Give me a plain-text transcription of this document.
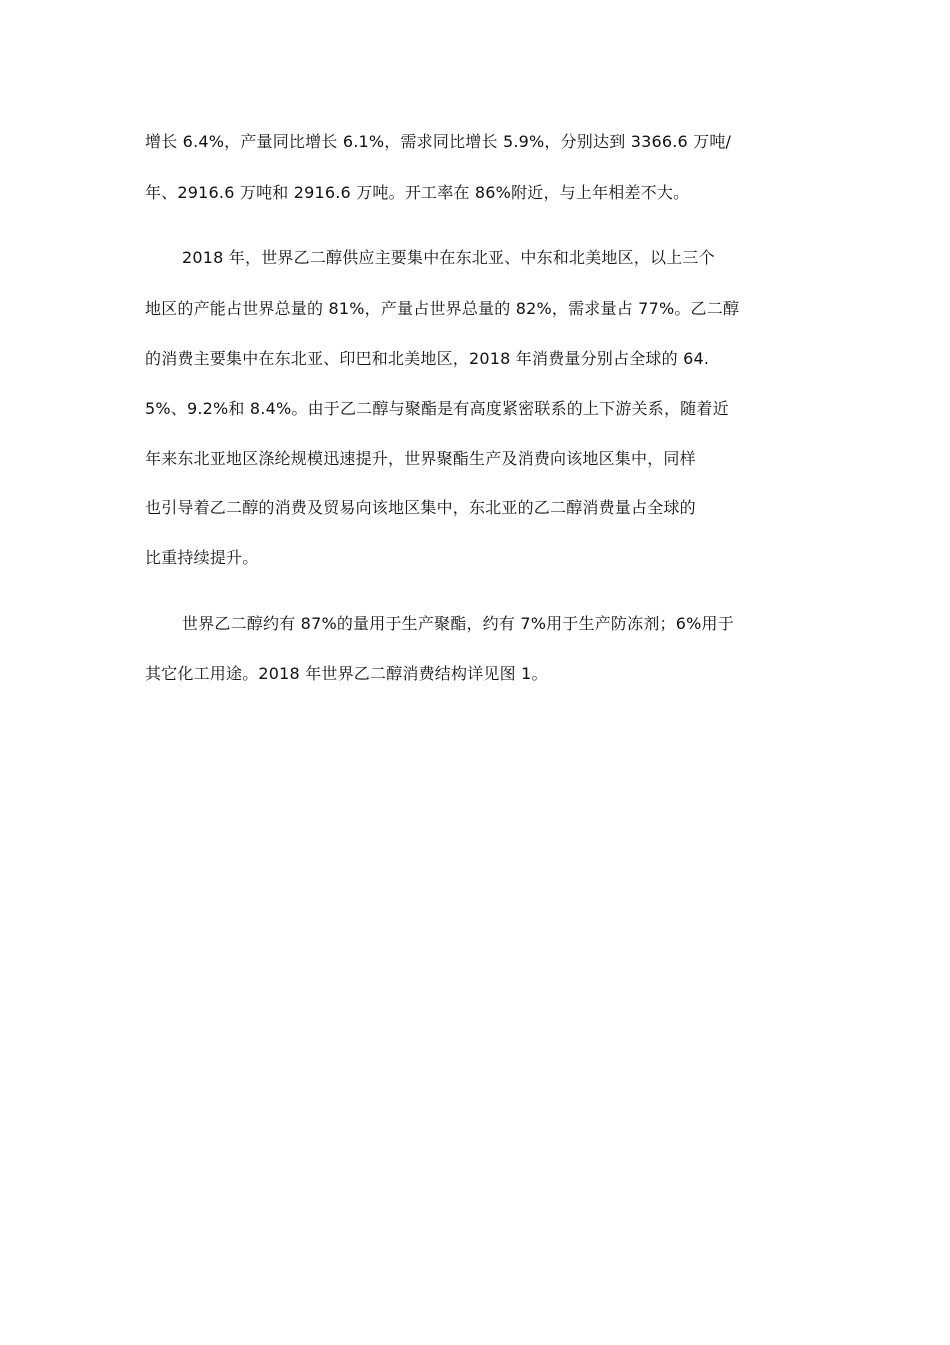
增长 6.4%，产量同比增长 6.1%，需求同比增长 5.9%，分别达到 3366.6 万吨/
年、2916.6 万吨和 2916.6 万吨。开工率在 86%附近，与上年相差不大。
2018 年，世界乙二醇供应主要集中在东北亚、中东和北美地区，以上三个
地区的产能占世界总量的 81%，产量占世界总量的 82%，需求量占 77%。乙二醇
的消费主要集中在东北亚、印巴和北美地区，2018 年消费量分别占全球的 64.
5%、9.2%和 8.4%。由于乙二醇与聚酯是有高度紧密联系的上下游关系，随着近
年来东北亚地区涤纶规模迅速提升，世界聚酯生产及消费向该地区集中，同样
也引导着乙二醇的消费及贸易向该地区集中，东北亚的乙二醇消费量占全球的
比重持续提升。
世界乙二醇约有 87%的量用于生产聚酯，约有 7%用于生产防冻剂；6%用于
其它化工用途。2018 年世界乙二醇消费结构详见图 1。
